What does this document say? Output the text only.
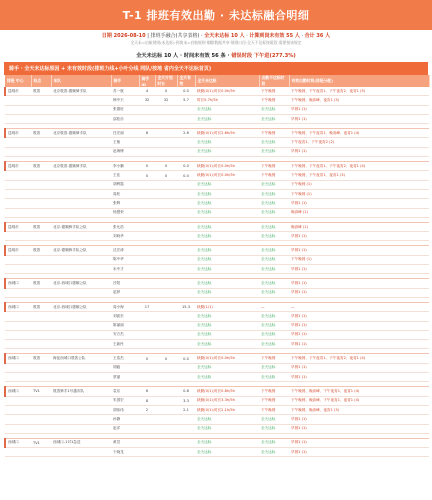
T-1 排班有效出勤 · 未达标融合明细
日期 2026-08-10 | 排班手融合(共享表格) · 全天未达标 10 人 · 计算到岗未有效 55 人 · 合计 36 人
全天未=启航规则(未达标)·到岗未=启航规则·剔除数据共享·规则口径:全天不达标按班段·需要按该规定
全天未达标 10 人 · 时间未有效 56 条 · 错误时段 下午进(277.3%)
骑手 · 全天未达标原因 + 未有效时段(排班力线+小叶分线 同队/按地 省内全天不达标首页)
排班 中心	站点	车队	骑手	骑手ID	全天计划时长	全天有效	全天未达标	出勤不达标时段	有效出勤时间(排班分配)
昆明市	敦善	北京敦善-德顺骑手队	苏一航	4	0	0.0	缺勤(0/1);时长0.0h/5h	下午晚餐	下午晚餐、下午夜宵1、下午夜宵2、夜宵1 (5)
			韩中天	32	32	5.7	时长5.7h/5h	下午晚餐	下午晚餐、晚高峰、夜宵1 (3)
			张德旺				全天达标	全天达标	早餐1 (1)
			邵桂乐				全天达标	全天达标	早餐1 (1)

昆明市	敦善	北京敦善-德顺骑手队	任宏丽	8		2.6	缺勤(0/1);时长2.6h/5h	下午晚餐	下午晚餐、下午夜宵1、晚高峰、夜宵1 (4)
			王敏				全天达标	全天达标	下午夜宵1、下午夜宵2 (2)
			赵海博				全天达标	全天达标	早餐1 (1)

昆明市	敦善	北京敦善-德顺骑手队	李小鹏	0	0	0.0	缺勤(0/1);时长0.0h/5h	下午晚餐	下午晚餐、下午夜宵1、下午夜宵2、夜宵1 (4)
			王佳	0	0	0.0	缺勤(0/1);时长0.0h/5h	下午晚餐	下午晚餐、下午夜宵1、夜宵1 (3)
			胡利霞				全天达标	全天达标	下午晚餐 (1)
			周松				全天达标	全天达标	下午晚餐 (1)
			张辉				全天达标	全天达标	早餐1 (1)
			杨慧荣				全天达标	全天达标	晚高峰 (1)

昆明市	敦善	北京-德顺骑手队公队	张允浩				全天达标	全天达标	晚高峰 (1)
			刘尚华				全天达标	全天达标	早餐1 (1)

昆明市	敦善	北京-德顺骑手队公队	沈宏涛				全天达标	全天达标	早餐1 (1)
			陈中华				全天达标	全天达标	下午晚餐 (1)
			米中才				全天达标	全天达标	早餐1 (1)

西城口	敦善	北京-西城口德顺公队	吕阳				全天达标	全天达标	早餐1 (1)
			赵婷				全天达标	全天达标	早餐1 (1)

西城口	敦善	北京-西城口德顺公队	周小海	17		15.3	缺勤(1/1)	—	—
			刘凯东				全天达标	全天达标	早餐1 (1)
			陈丽丽				全天达标	全天达标	早餐1 (1)
			安万杰				全天达标	全天达标	早餐1 (1)
			王新民				全天达标	全天达标	早餐1 (1)

西城口	敦善	海淀西城口敦善公队	王浩杰	0	0	0.0	缺勤(0/1);时长0.0h/5h	下午晚餐	下午晚餐、下午夜宵1、下午夜宵2、夜宵1 (4)
			胡毅				全天达标	全天达标	早餐1 (1)
			蔡丽				全天达标	全天达标	早餐1 (1)

西城口	TV1	敦善骑手1号越市队	袁乐	6		0.8	缺勤(0/1);时长0.8h/5h	下午晚餐	下午晚餐、晚高峰、下午夜宵1、夜宵1 (4)
			朱国宏	8		3.3	缺勤(0/1);时长3.3h/5h	下午晚餐	下午晚餐、晚高峰、下午夜宵1、夜宵1 (4)
			胡伟伟	2		2.1	缺勤(0/1);时长2.1h/5h	下午晚餐	下午晚餐、晚高峰、夜宵1 (3)
			孙静				全天达标	全天达标	早餐1 (1)
			赵洋				全天达标	全天达标	早餐1 (1)

西城口	TV1	西城口-1对1急送	黄昱				全天达标	全天达标	早餐1 (1)
			于晓龙				全天达标	全天达标	早餐1 (1)
